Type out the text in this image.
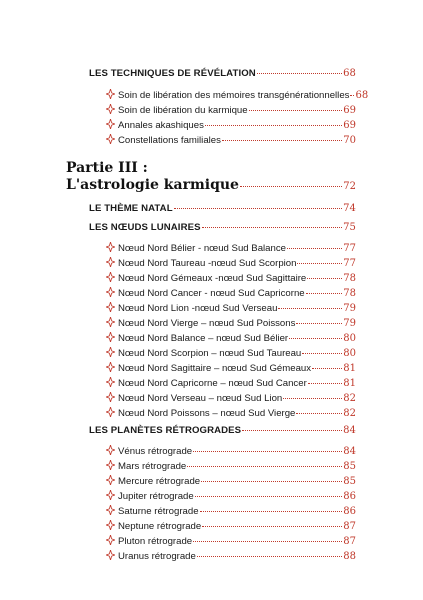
LES TECHNIQUES DE RÉVÉLATION	68
Soin de libération des mémoires transgénérationnelles 68
Soin de libération du karmique	69
Annales akashiques	69
Constellations familiales	70
Partie III :
L'astrologie karmique	72
LE THÈME NATAL	74
LES NŒUDS LUNAIRES	75
Nœud Nord Bélier - nœud Sud Balance	77
Nœud Nord Taureau -nœud Sud Scorpion	77
Nœud Nord Gémeaux -nœud Sud Sagittaire	78
Nœud Nord Cancer - nœud Sud Capricorne	78
Nœud Nord Lion -nœud Sud Verseau	79
Nœud Nord Vierge – nœud Sud Poissons	79
Nœud Nord Balance – nœud Sud Bélier	80
Nœud Nord Scorpion – nœud Sud Taureau	80
Nœud Nord Sagittaire – nœud Sud Gémeaux	81
Nœud Nord Capricorne – nœud Sud Cancer	81
Nœud Nord Verseau – nœud Sud Lion	82
Nœud Nord Poissons – nœud Sud Vierge	82
LES PLANÈTES RÉTROGRADES	84
Vénus rétrograde	84
Mars rétrograde	85
Mercure rétrograde	85
Jupiter rétrograde	86
Saturne rétrograde	86
Neptune rétrograde	87
Pluton rétrograde	87
Uranus rétrograde	88
